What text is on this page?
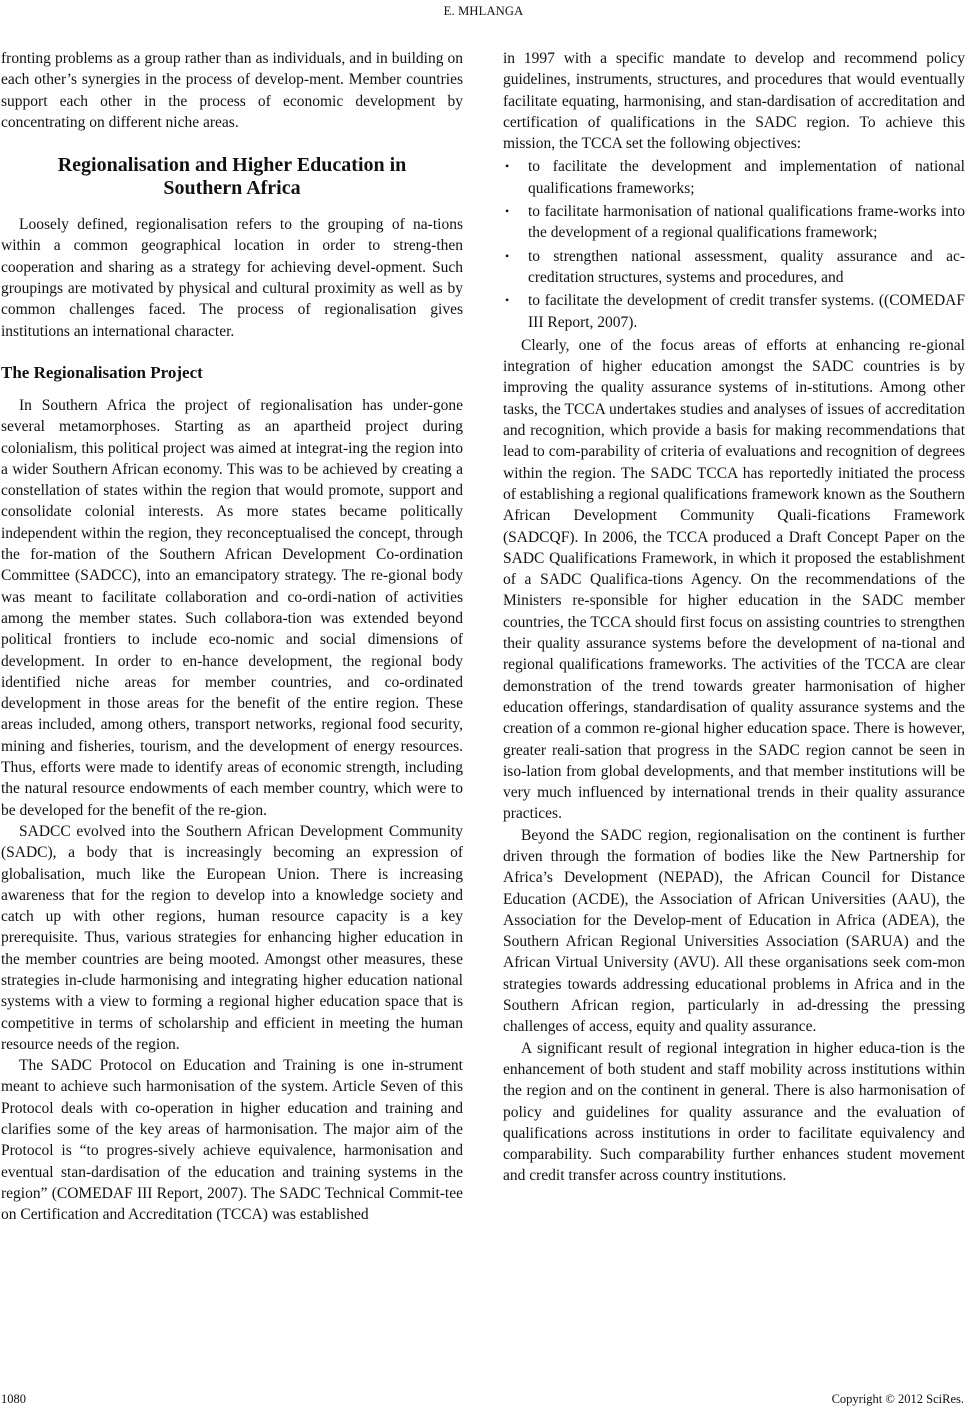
E. MHLANGA

fronting problems as a group rather than as individuals, and in building on each other’s synergies in the process of develop-ment. Member countries support each other in the process of economic development by concentrating on different niche areas.

Regionalisation and Higher Education in
Southern Africa

Loosely defined, regionalisation refers to the grouping of na-tions within a common geographical location in order to streng-then cooperation and sharing as a strategy for achieving devel-opment. Such groupings are motivated by physical and cultural proximity as well as by common challenges faced. The process of regionalisation gives institutions an international character.

The Regionalisation Project

In Southern Africa the project of regionalisation has under-gone several metamorphoses. Starting as an apartheid project during colonialism, this political project was aimed at integrat-ing the region into a wider Southern African economy. This was to be achieved by creating a constellation of states within the region that would promote, support and consolidate colonial interests. As more states became politically independent within the region, they reconceptualised the concept, through the for-mation of the Southern African Development Co-ordination Committee (SADCC), into an emancipatory strategy. The re-gional body was meant to facilitate collaboration and co-ordi-nation of activities among the member states. Such collabora-tion was extended beyond political frontiers to include eco-nomic and social dimensions of development. In order to en-hance development, the regional body identified niche areas for member countries, and co-ordinated development in those areas for the benefit of the entire region. These areas included, among others, transport networks, regional food security, mining and fisheries, tourism, and the development of energy resources. Thus, efforts were made to identify areas of economic strength, including the natural resource endowments of each member country, which were to be developed for the benefit of the re-gion.

SADCC evolved into the Southern African Development Community (SADC), a body that is increasingly becoming an expression of globalisation, much like the European Union. There is increasing awareness that for the region to develop into a knowledge society and catch up with other regions, human resource capacity is a key prerequisite. Thus, various strategies for enhancing higher education in the member countries are being mooted. Amongst other measures, these strategies in-clude harmonising and integrating higher education national systems with a view to forming a regional higher education space that is competitive in terms of scholarship and efficient in meeting the human resource needs of the region.

The SADC Protocol on Education and Training is one in-strument meant to achieve such harmonisation of the system. Article Seven of this Protocol deals with co-operation in higher education and training and clarifies some of the key areas of harmonisation. The major aim of the Protocol is “to progres-sively achieve equivalence, harmonisation and eventual stan-dardisation of the education and training systems in the region” (COMEDAF III Report, 2007). The SADC Technical Commit-tee on Certification and Accreditation (TCCA) was established

in 1997 with a specific mandate to develop and recommend policy guidelines, instruments, structures, and procedures that would eventually facilitate equating, harmonising, and stan-dardisation of accreditation and certification of qualifications in the SADC region. To achieve this mission, the TCCA set the following objectives:

• to facilitate the development and implementation of national qualifications frameworks;
• to facilitate harmonisation of national qualifications frame-works into the development of a regional qualifications framework;
• to strengthen national assessment, quality assurance and ac-creditation structures, systems and procedures, and
• to facilitate the development of credit transfer systems. ((COMEDAF III Report, 2007).

Clearly, one of the focus areas of efforts at enhancing re-gional integration of higher education amongst the SADC countries is by improving the quality assurance systems of in-stitutions. Among other tasks, the TCCA undertakes studies and analyses of issues of accreditation and recognition, which provide a basis for making recommendations that lead to com-parability of criteria of evaluations and recognition of degrees within the region. The SADC TCCA has reportedly initiated the process of establishing a regional qualifications framework known as the Southern African Development Community Quali-fications Framework (SADCQF). In 2006, the TCCA produced a Draft Concept Paper on the SADC Qualifications Framework, in which it proposed the establishment of a SADC Qualifica-tions Agency. On the recommendations of the Ministers re-sponsible for higher education in the SADC member countries, the TCCA should first focus on assisting countries to strengthen their quality assurance systems before the development of na-tional and regional qualifications frameworks. The activities of the TCCA are clear demonstration of the trend towards greater harmonisation of higher education offerings, standardisation of quality assurance systems and the creation of a common re-gional higher education space. There is however, greater reali-sation that progress in the SADC region cannot be seen in iso-lation from global developments, and that member institutions will be very much influenced by international trends in their quality assurance practices.

Beyond the SADC region, regionalisation on the continent is further driven through the formation of bodies like the New Partnership for Africa’s Development (NEPAD), the African Council for Distance Education (ACDE), the Association of African Universities (AAU), the Association for the Develop-ment of Education in Africa (ADEA), the Southern African Regional Universities Association (SARUA) and the African Virtual University (AVU). All these organisations seek com-mon strategies towards addressing educational problems in Africa and in the Southern African region, particularly in ad-dressing the pressing challenges of access, equity and quality assurance.

A significant result of regional integration in higher educa-tion is the enhancement of both student and staff mobility across institutions within the region and on the continent in general. There is also harmonisation of policy and guidelines for quality assurance and the evaluation of qualifications across institutions in order to facilitate equivalency and comparability. Such comparability further enhances student movement and credit transfer across country institutions.

1080	Copyright © 2012 SciRes.
